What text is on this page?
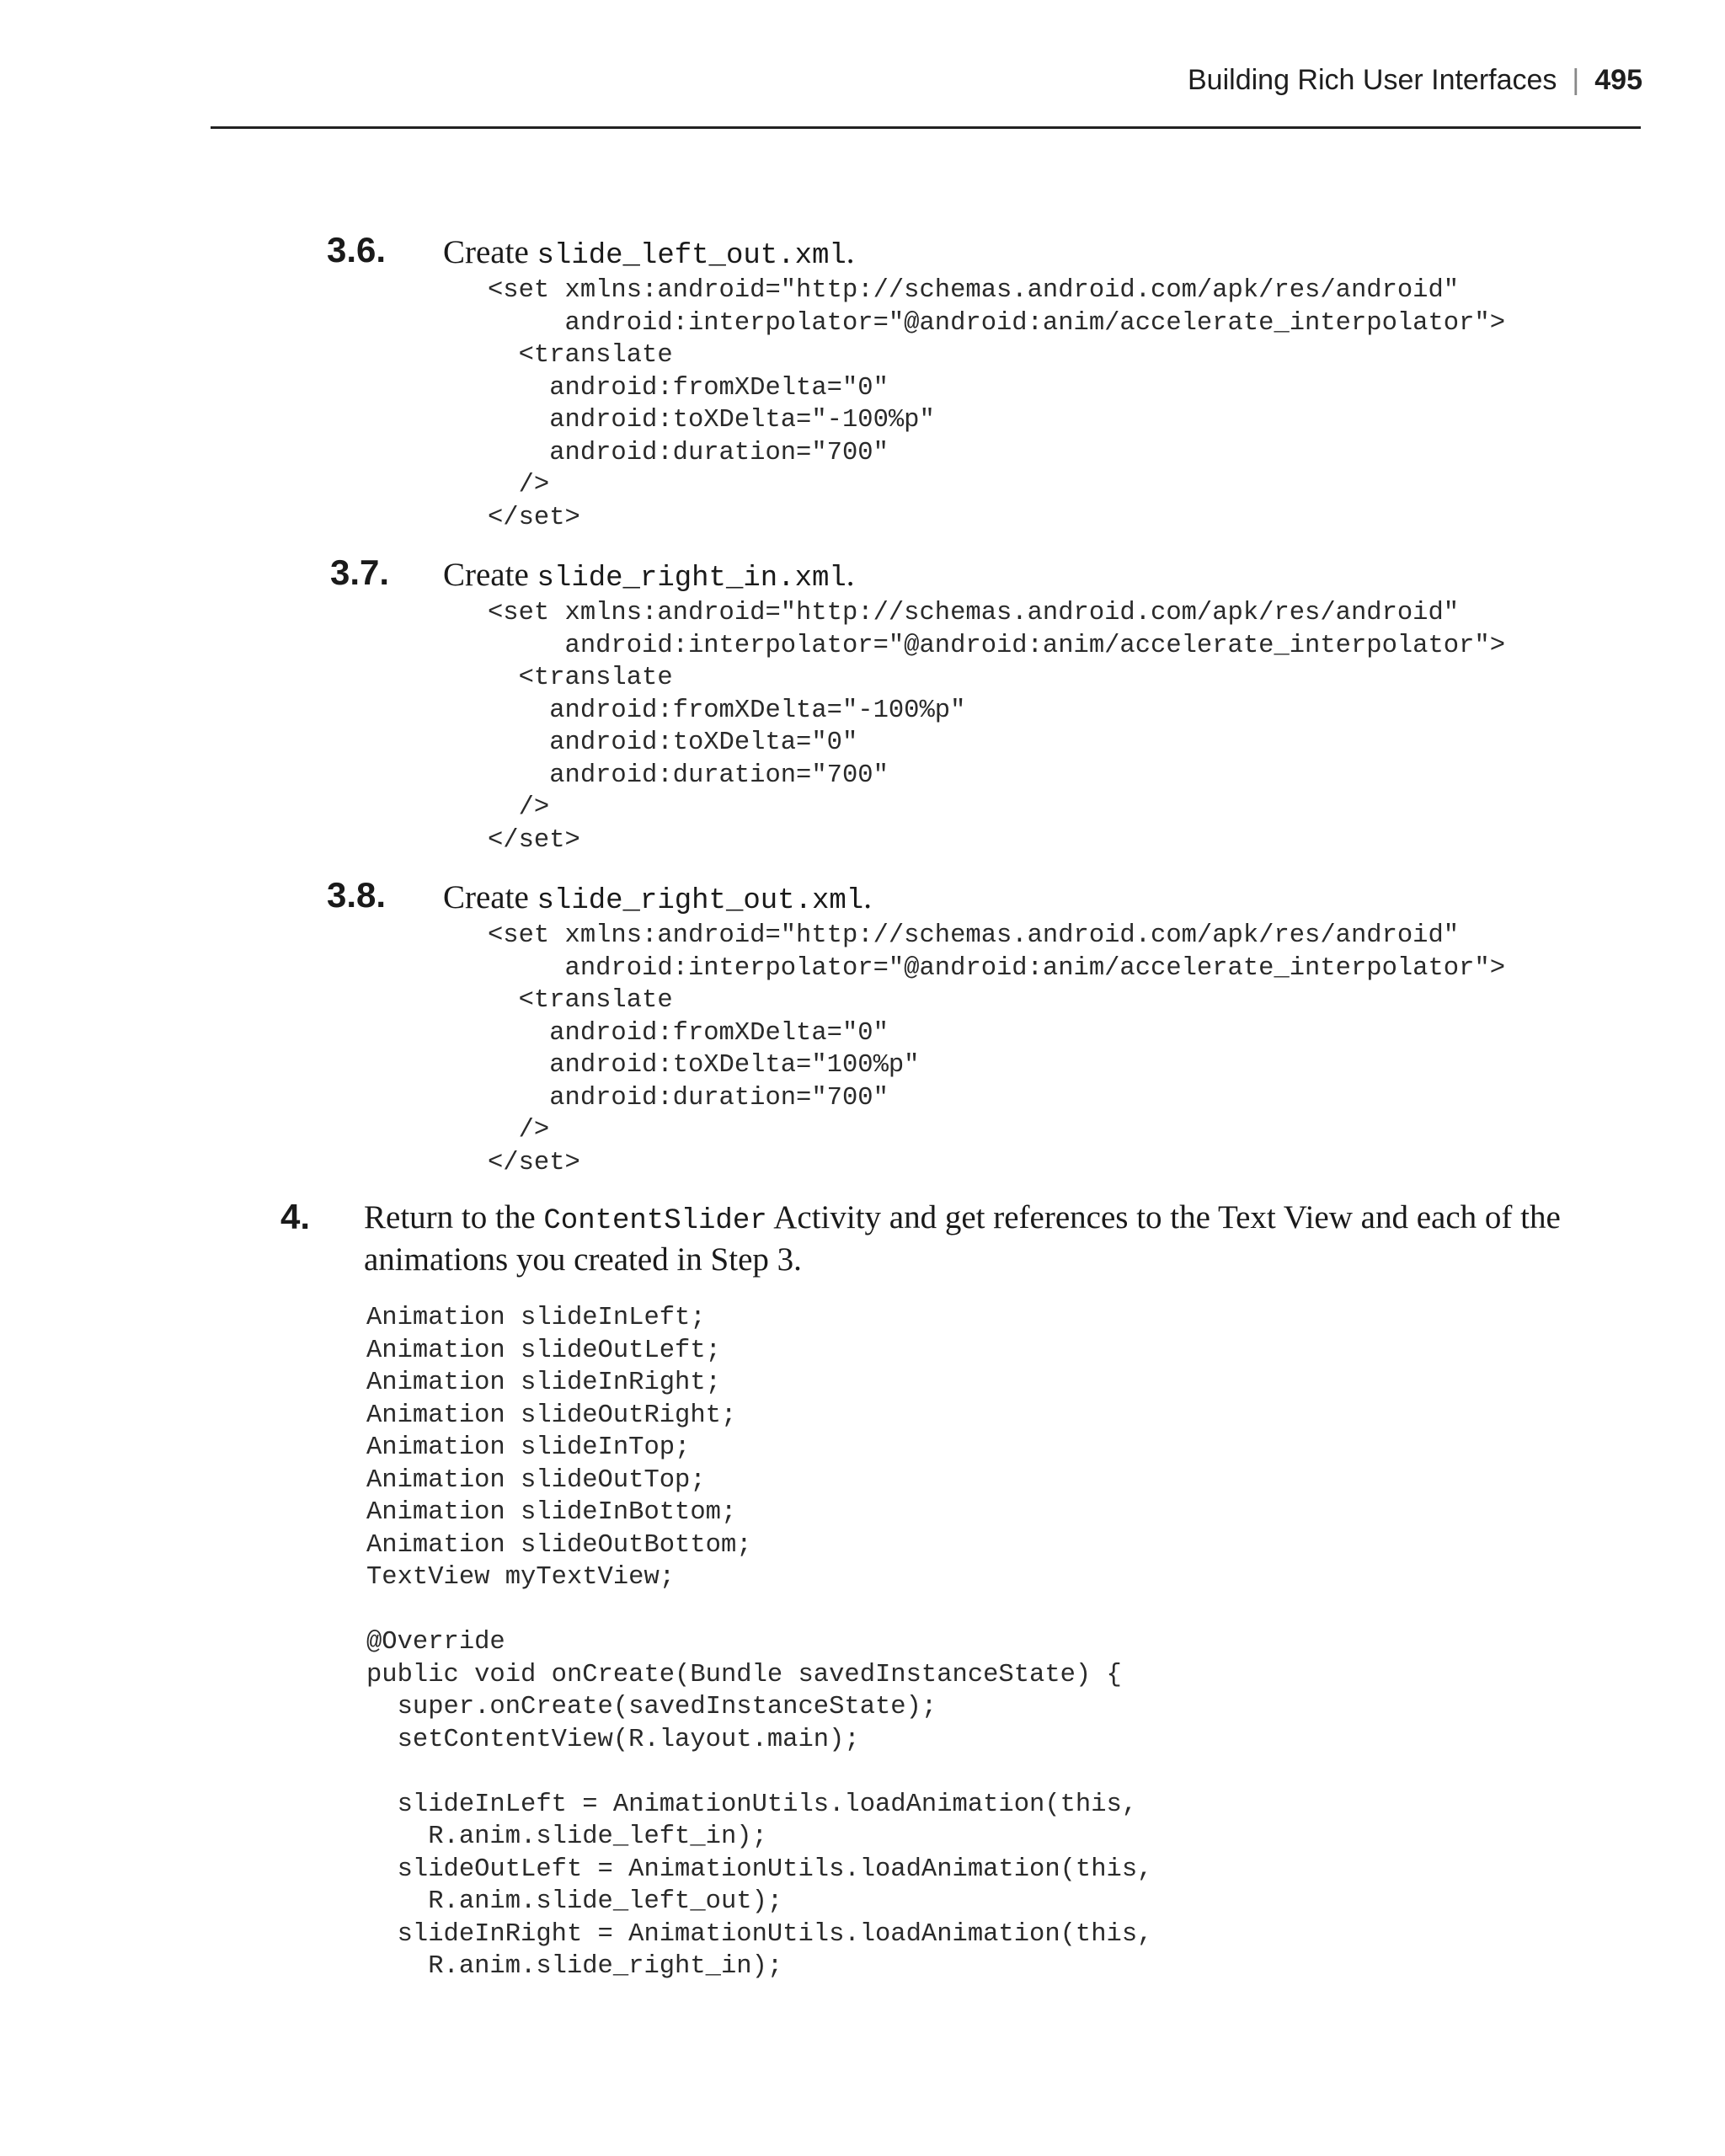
Building Rich User Interfaces | 495
3.6. Create slide_left_out.xml.
<set xmlns:android="http://schemas.android.com/apk/res/android"
android:interpolator="@android:anim/accelerate_interpolator">
<translate
android:fromXDelta="0"
android:toXDelta="-100%p"
android:duration="700"
/>
</set>
3.7. Create slide_right_in.xml.
<set xmlns:android="http://schemas.android.com/apk/res/android"
android:interpolator="@android:anim/accelerate_interpolator">
<translate
android:fromXDelta="-100%p"
android:toXDelta="0"
android:duration="700"
/>
</set>
3.8. Create slide_right_out.xml.
<set xmlns:android="http://schemas.android.com/apk/res/android"
android:interpolator="@android:anim/accelerate_interpolator">
<translate
android:fromXDelta="0"
android:toXDelta="100%p"
android:duration="700"
/>
</set>
4. Return to the ContentSlider Activity and get references to the Text View and each of the animations you created in Step 3.
Animation slideInLeft;
Animation slideOutLeft;
Animation slideInRight;
Animation slideOutRight;
Animation slideInTop;
Animation slideOutTop;
Animation slideInBottom;
Animation slideOutBottom;
TextView myTextView;

@Override
public void onCreate(Bundle savedInstanceState) {
super.onCreate(savedInstanceState);
setContentView(R.layout.main);

slideInLeft = AnimationUtils.loadAnimation(this,
R.anim.slide_left_in);
slideOutLeft = AnimationUtils.loadAnimation(this,
R.anim.slide_left_out);
slideInRight = AnimationUtils.loadAnimation(this,
R.anim.slide_right_in);
